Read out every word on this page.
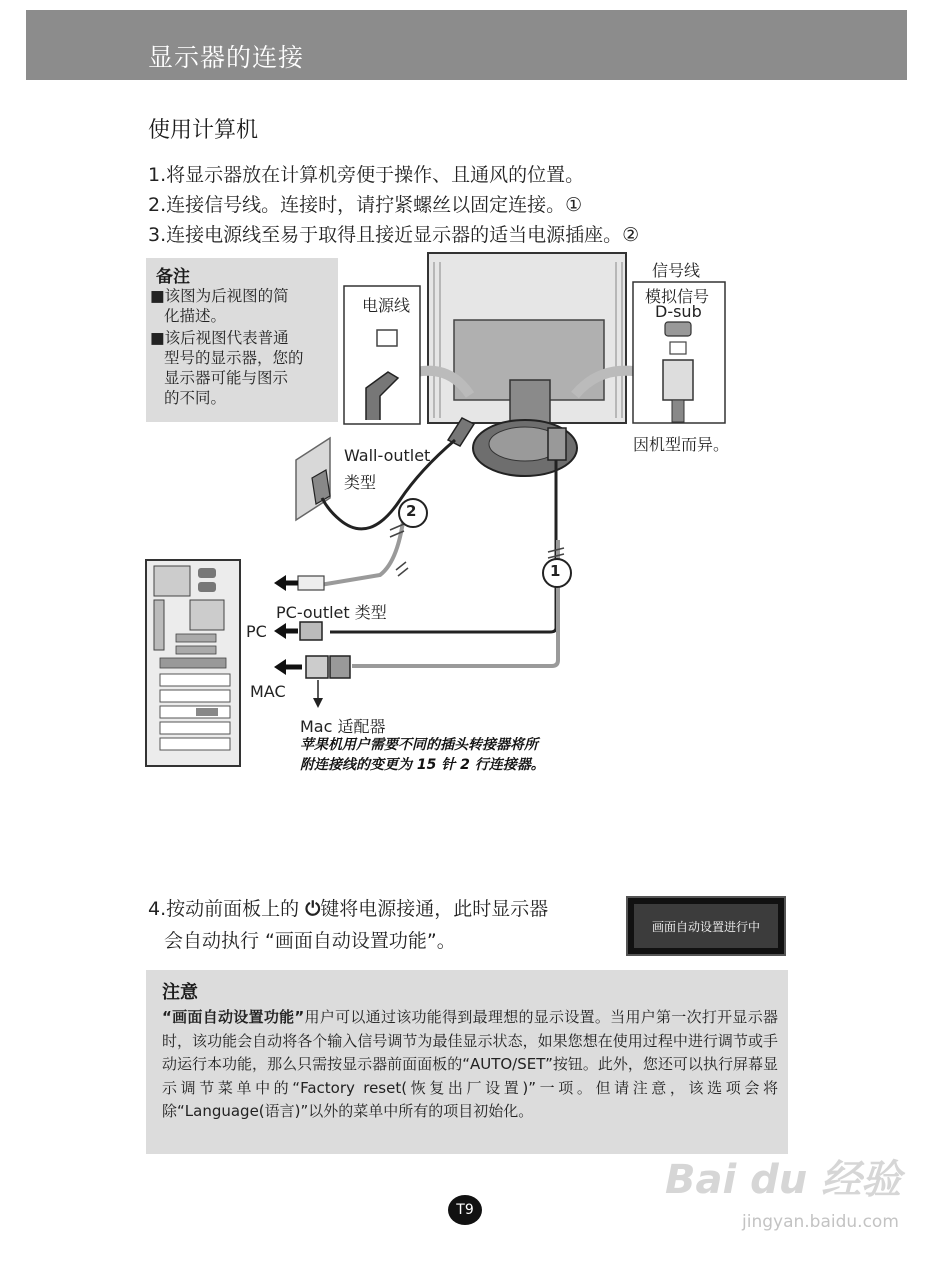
显示器的连接
使用计算机
1.将显示器放在计算机旁便于操作、且通风的位置。
2.连接信号线。连接时，请拧紧螺丝以固定连接。①
3.连接电源线至易于取得且接近显示器的适当电源插座。②
备注
■该图为后视图的简
化描述。
■该后视图代表普通
型号的显示器，您的
显示器可能与图示
的不同。
电源线
信号线
模拟信号
D-sub
因机型而异。
Wall-outlet
类型
2
1
PC-outlet 类型
PC
MAC
Mac 适配器
苹果机用户需要不同的插头转接器将所
附连接线的变更为 15 针 2 行连接器。
4.按动前面板上的 ⏻键将电源接通，此时显示器
会自动执行 “画面自动设置功能”。
画面自动设置进行中
注意
“画面自动设置功能”用户可以通过该功能得到最理想的显示设置。当用户第一次打开显示器时，该功能会自动将各个输入信号调节为最佳显示状态，如果您想在使用过程中进行调节或手动运行本功能，那么只需按显示器前面面板的“AUTO/SET”按钮。此外，您还可以执行屏幕显示调节菜单中的“Factory reset(恢复出厂设置)”一项。但请注意，该选项会将除“Language(语言)”以外的菜单中所有的项目初始化。
T9
Bai du 经验
jingyan.baidu.com
